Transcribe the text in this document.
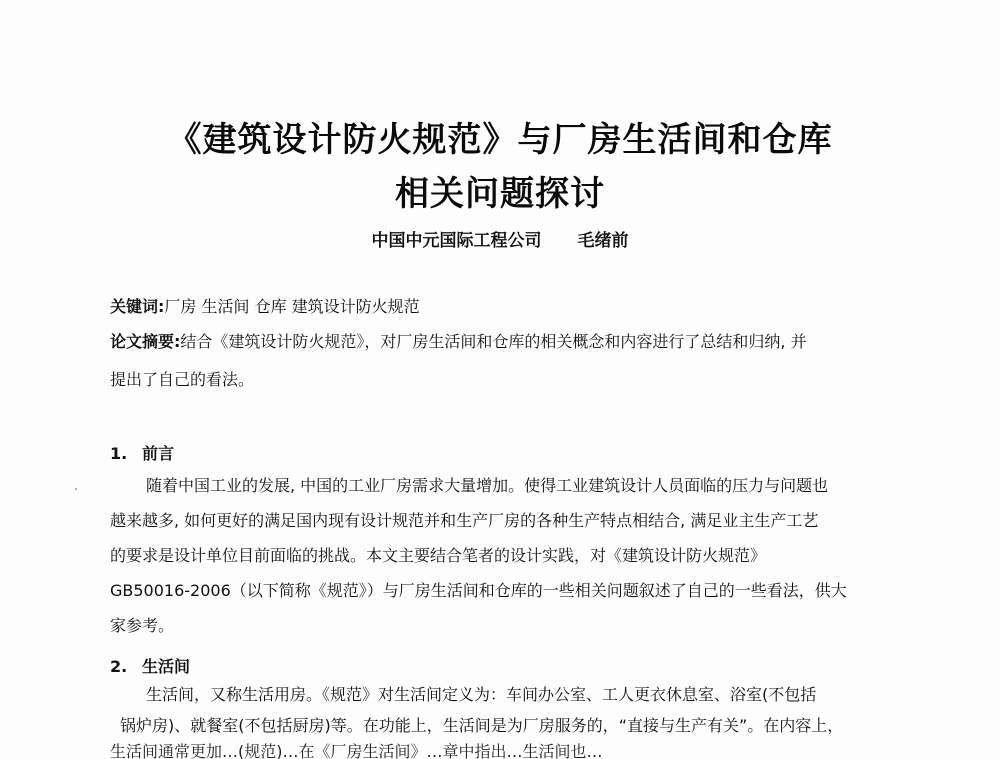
《建筑设计防火规范》与厂房生活间和仓库
相关问题探讨
中国中元国际工程公司 毛绪前
关键词:厂房 生活间 仓库 建筑设计防火规范
论文摘要:结合《建筑设计防火规范》，对厂房生活间和仓库的相关概念和内容进行了总结和归纳, 并
提出了自己的看法。
1. 前言
随着中国工业的发展, 中国的工业厂房需求大量增加。使得工业建筑设计人员面临的压力与问题也
越来越多, 如何更好的满足国内现有设计规范并和生产厂房的各种生产特点相结合, 满足业主生产工艺
的要求是设计单位目前面临的挑战。本文主要结合笔者的设计实践，对《建筑设计防火规范》
GB50016-2006（以下简称《规范》）与厂房生活间和仓库的一些相关问题叙述了自己的一些看法，供大
家参考。
2. 生活间
生活间，又称生活用房。《规范》对生活间定义为：车间办公室、工人更衣休息室、浴室(不包括
锅炉房)、就餐室(不包括厨房)等。在功能上，生活间是为厂房服务的，“直接与生产有关”。在内容上，
生活间通常更加…(规范)…在《厂房生活间》…章中指出…生活间也…
